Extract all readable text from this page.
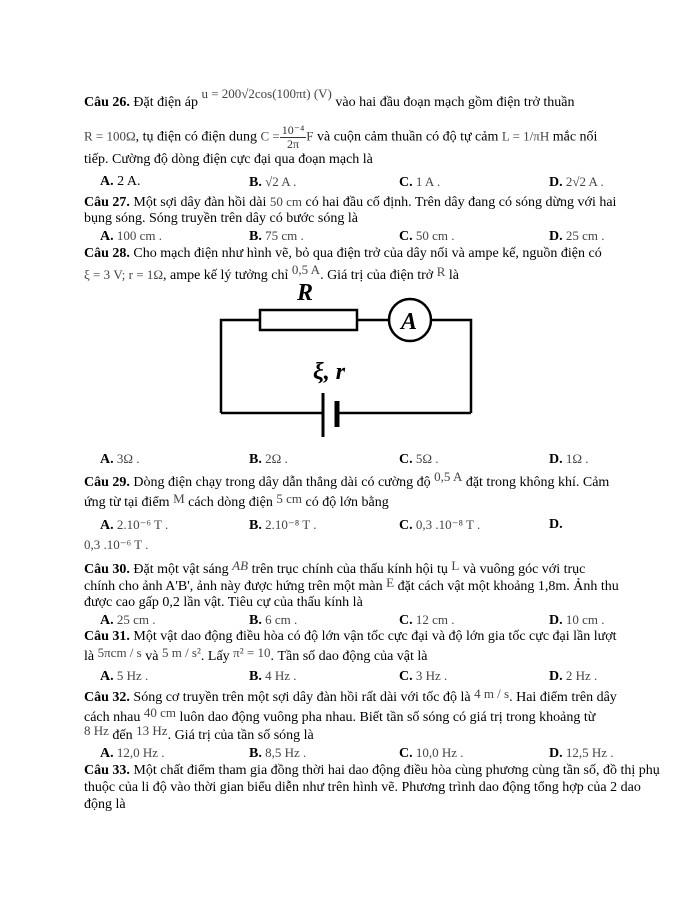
Câu 26. Đặt điện áp u = 200√2cos(100πt) (V) vào hai đầu đoạn mạch gồm điện trở thuần
R = 100Ω, tụ điện có điện dung $C = \frac{\text{10⁻⁴}}{2\pi}$ F và cuộn cảm thuần có độ tự cảm L = 1/πH mắc nối
tiếp. Cường độ dòng điện cực đại qua đoạn mạch là
A. 2 A.	B. √2 A .	C. 1 A .	D. 2√2 A .
Câu 27. Một sợi dây đàn hồi dài 50 cm có hai đầu cố định. Trên dây đang có sóng dừng với hai
bụng sóng. Sóng truyền trên dây có bước sóng là
A. 100 cm .	B. 75 cm .	C. 50 cm .	D. 25 cm .
Câu 28. Cho mạch điện như hình vẽ, bỏ qua điện trở của dây nối và ampe kế, nguồn điện có
ξ = 3 V; r = 1Ω, ampe kế lý tưởng chỉ 0,5 A. Giá trị của điện trở R là
R
A
ξ, r
A. 3Ω .	B. 2Ω .	C. 5Ω .	D. 1Ω .
Câu 29. Dòng điện chạy trong dây dẫn thẳng dài có cường độ 0,5 A đặt trong không khí. Cảm
ứng từ tại điểm M cách dòng điện 5 cm có độ lớn bằng
A. 2.10⁻⁶ T .	B. 2.10⁻⁸ T .	C. 0,3 .10⁻⁸ T .	D.
0,3 .10⁻⁶ T .
Câu 30. Đặt một vật sáng AB trên trục chính của thấu kính hội tụ L và vuông góc với trục
chính cho ảnh A'B', ảnh này được hứng trên một màn E đặt cách vật một khoảng 1,8m. Ảnh thu
được cao gấp 0,2 lần vật. Tiêu cự của thấu kính là
A. 25 cm .	B. 6 cm .	C. 12 cm .	D. 10 cm .
Câu 31. Một vật dao động điều hòa có độ lớn vận tốc cực đại và độ lớn gia tốc cực đại lần lượt
là 5πcm / s và 5 m / s². Lấy π² = 10. Tần số dao động của vật là
A. 5 Hz .	B. 4 Hz .	C. 3 Hz .	D. 2 Hz .
Câu 32. Sóng cơ truyền trên một sợi dây đàn hồi rất dài với tốc độ là 4 m / s. Hai điểm trên dây
cách nhau 40 cm luôn dao động vuông pha nhau. Biết tần số sóng có giá trị trong khoảng từ
8 Hz đến 13 Hz. Giá trị của tần số sóng là
A. 12,0 Hz .	B. 8,5 Hz .	C. 10,0 Hz .	D. 12,5 Hz .
Câu 33. Một chất điểm tham gia đồng thời hai dao động điều hòa cùng phương cùng tần số, đồ thị phụ thuộc của li độ vào thời gian biểu diễn như trên hình vẽ. Phương trình dao động tổng hợp của 2 dao động là
